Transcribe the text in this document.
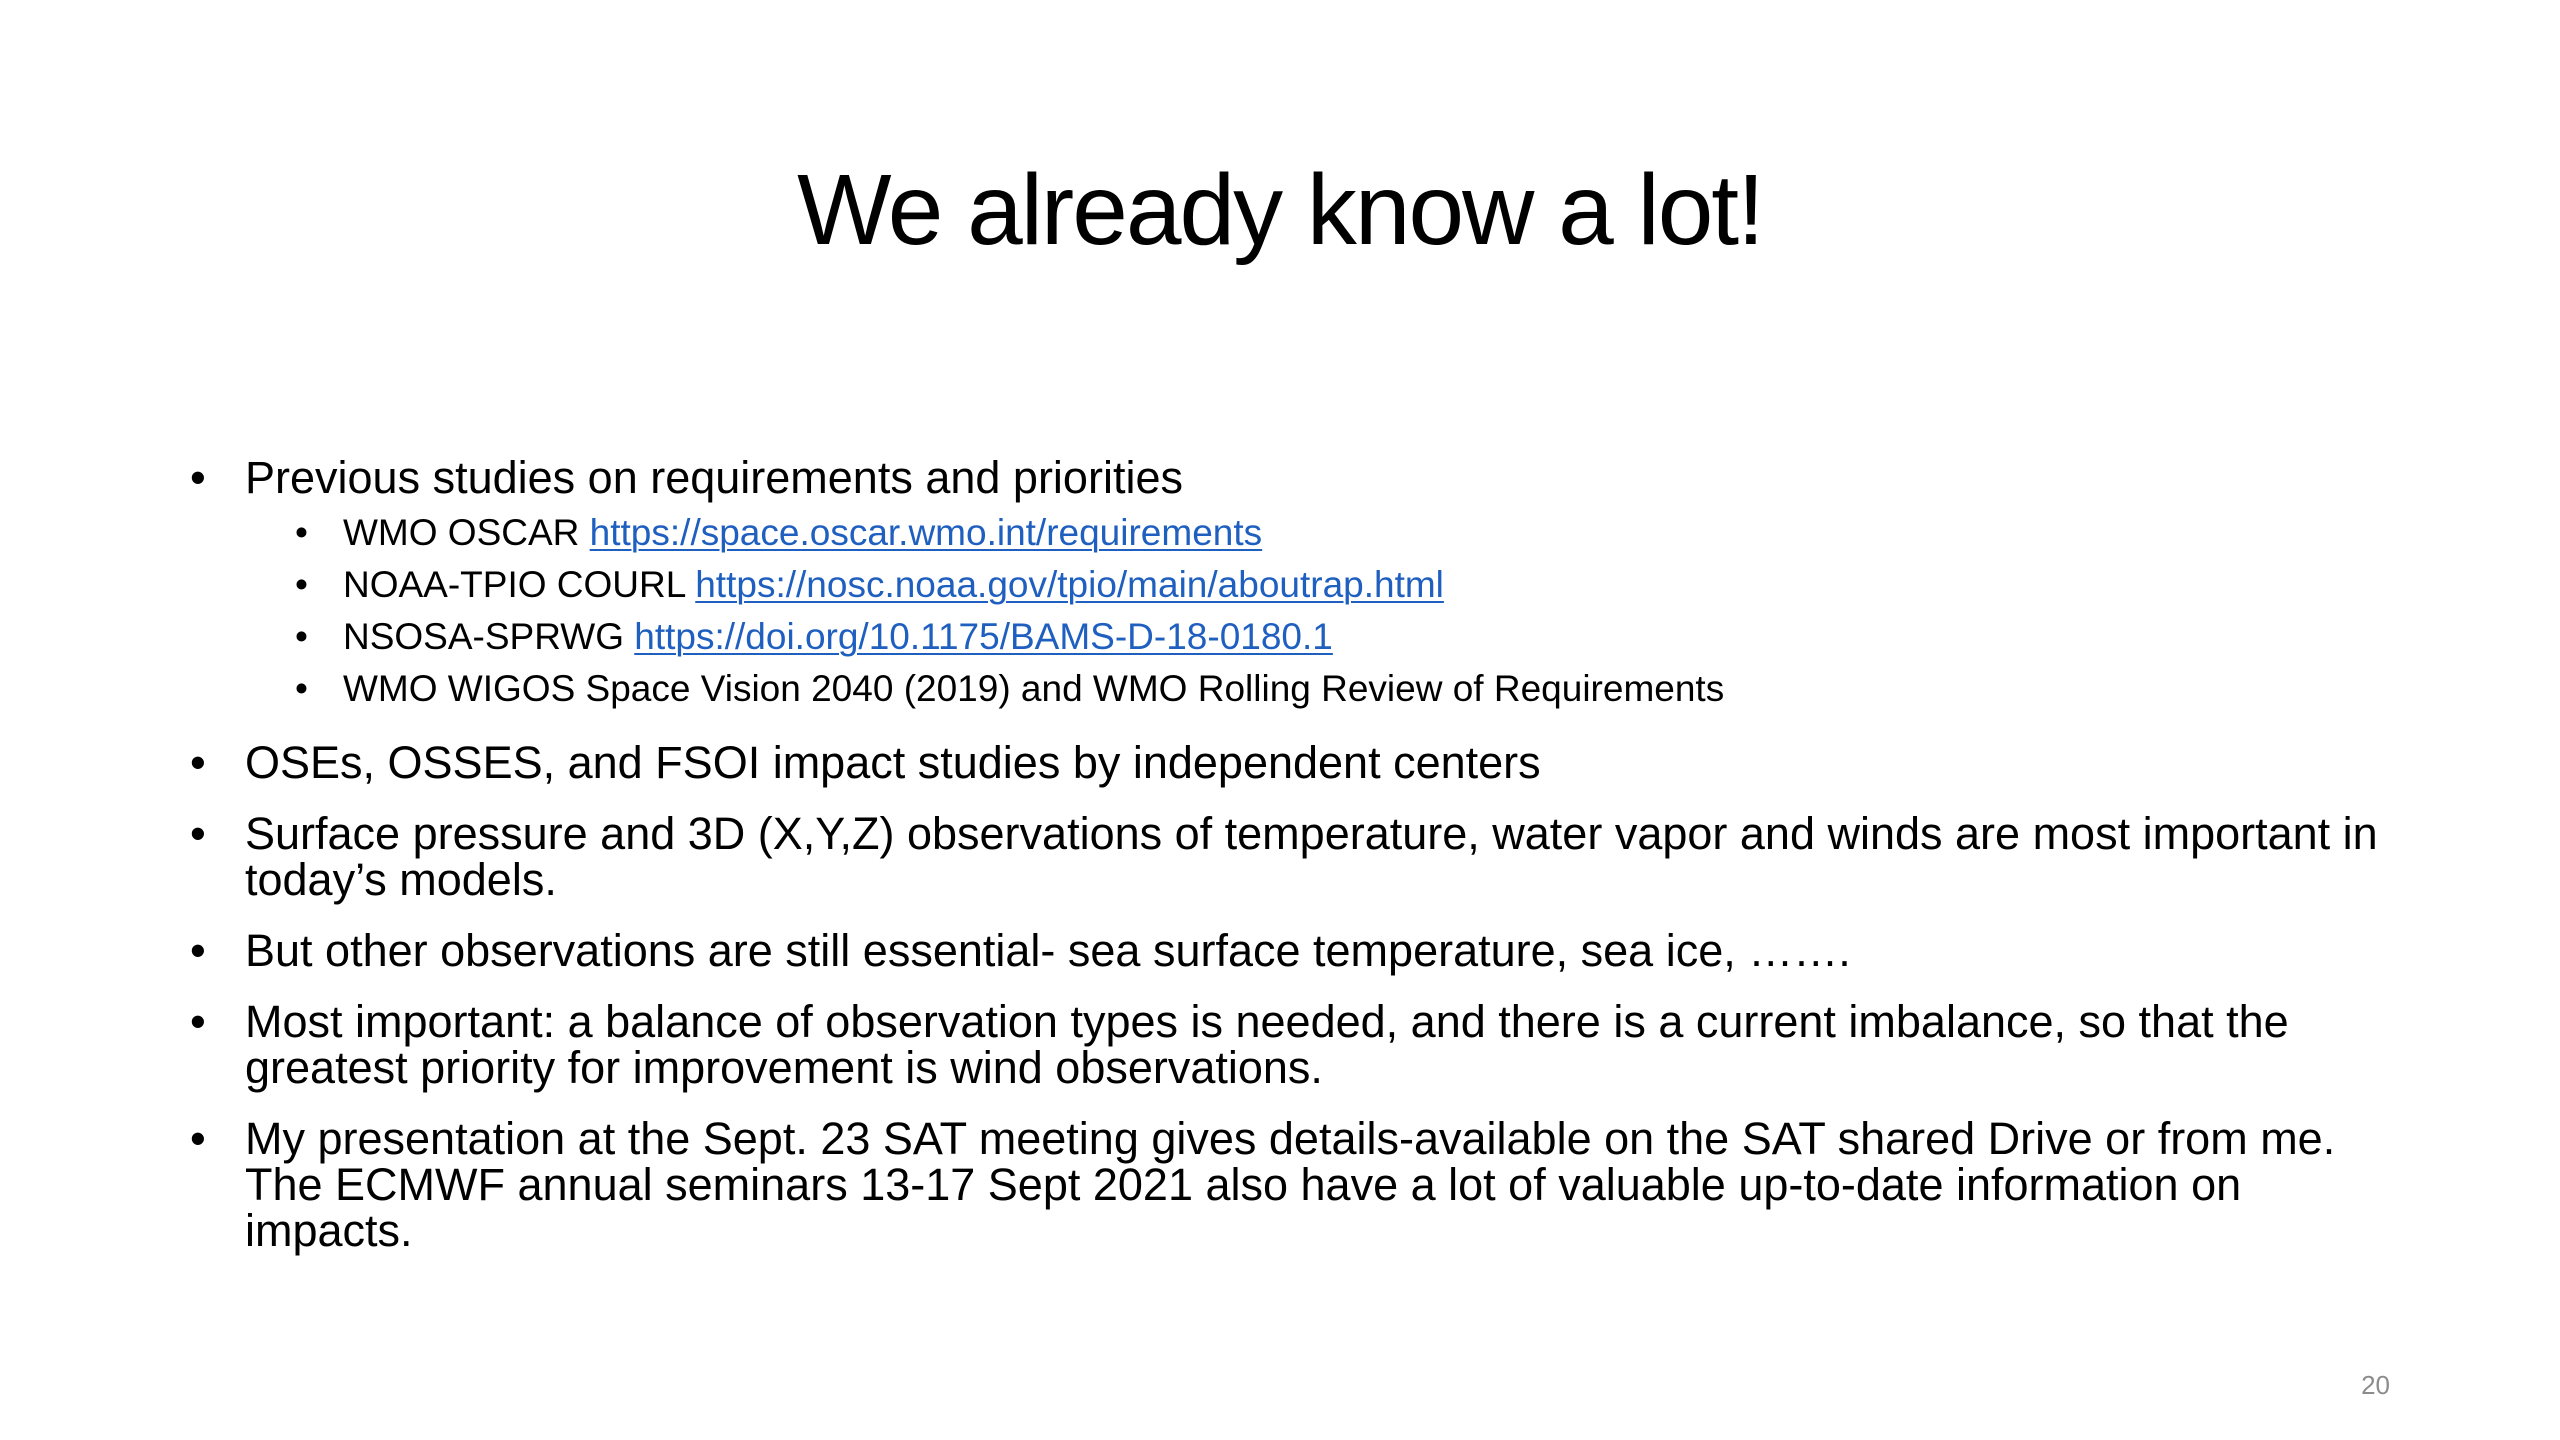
We already know a lot!
• Previous studies on requirements and priorities
• WMO OSCAR https://space.oscar.wmo.int/requirements
• NOAA-TPIO COURL https://nosc.noaa.gov/tpio/main/aboutrap.html
• NSOSA-SPRWG https://doi.org/10.1175/BAMS-D-18-0180.1
• WMO WIGOS Space Vision 2040 (2019) and WMO Rolling Review of Requirements
• OSEs, OSSES, and FSOI impact studies by independent centers
• Surface pressure and 3D (X,Y,Z) observations of temperature, water vapor and winds are most important in today’s models.
• But other observations are still essential- sea surface temperature, sea ice, …….
• Most important: a balance of observation types is needed, and there is a current imbalance, so that the greatest priority for improvement is wind observations.
• My presentation at the Sept. 23 SAT meeting gives details-available on the SAT shared Drive or from me. The ECMWF annual seminars 13-17 Sept 2021 also have a lot of valuable up-to-date information on impacts.
20
